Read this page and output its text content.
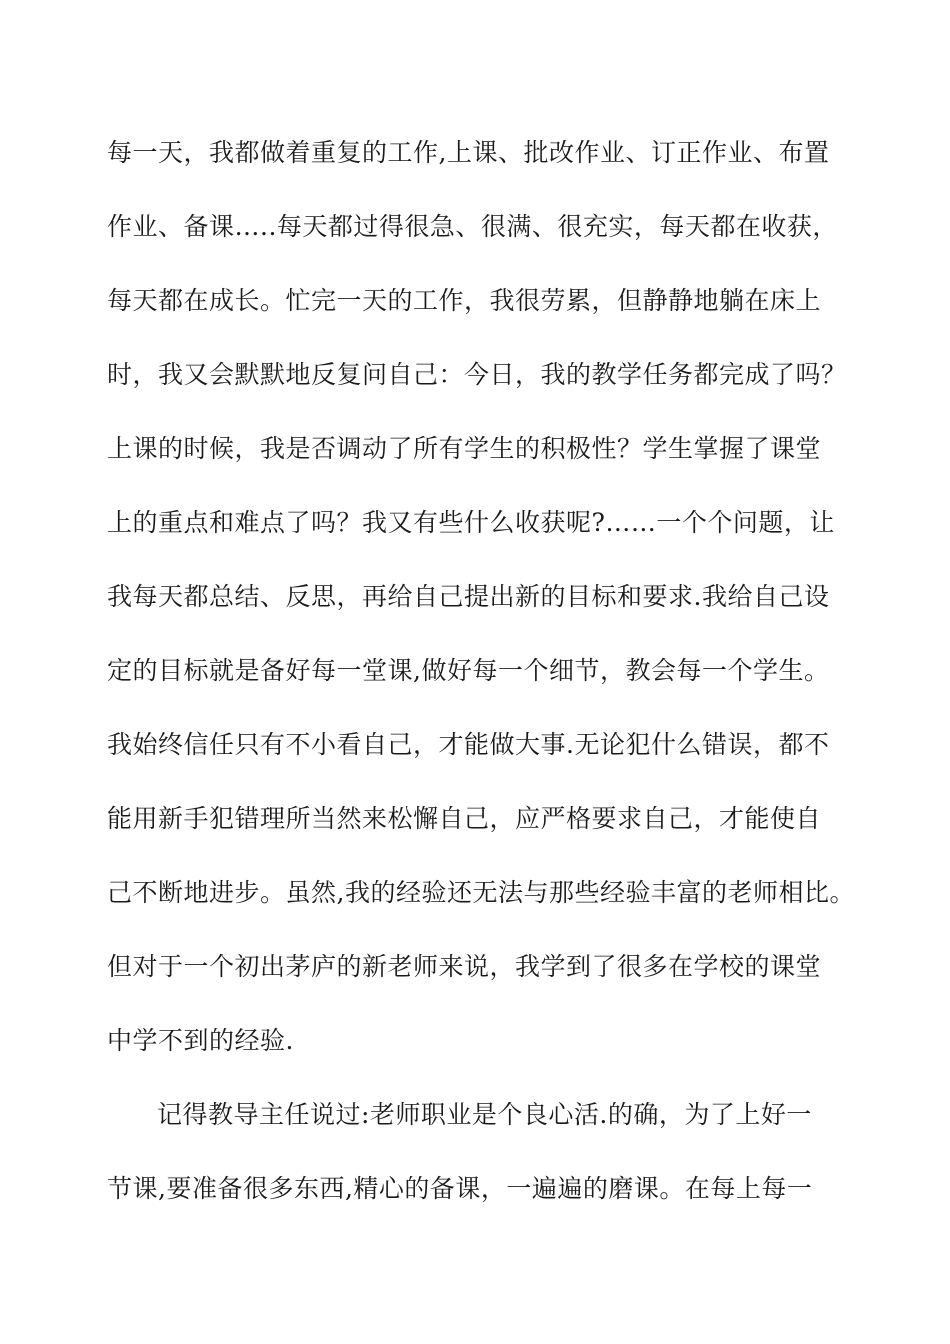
每一天，我都做着重复的工作,上课、批改作业、订正作业、布置
作业、备课…..每天都过得很急、很满、很充实，每天都在收获，
每天都在成长。忙完一天的工作，我很劳累，但静静地躺在床上
时，我又会默默地反复问自己：今日，我的教学任务都完成了吗？
上课的时候，我是否调动了所有学生的积极性？学生掌握了课堂
上的重点和难点了吗？我又有些什么收获呢?……一个个问题，让
我每天都总结、反思，再给自己提出新的目标和要求.我给自己设
定的目标就是备好每一堂课,做好每一个细节，教会每一个学生。
我始终信任只有不小看自己，才能做大事.无论犯什么错误，都不
能用新手犯错理所当然来松懈自己，应严格要求自己，才能使自
己不断地进步。虽然,我的经验还无法与那些经验丰富的老师相比。
但对于一个初出茅庐的新老师来说，我学到了很多在学校的课堂
中学不到的经验.
记得教导主任说过:老师职业是个良心活.的确，为了上好一
节课,要准备很多东西,精心的备课，一遍遍的磨课。在每上每一
